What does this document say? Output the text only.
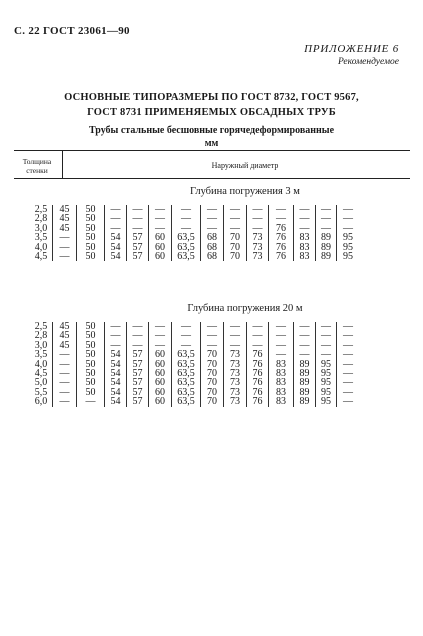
С. 22 ГОСТ 23061—90
ПРИЛОЖЕНИЕ 6
Рекомендуемое
ОСНОВНЫЕ ТИПОРАЗМЕРЫ ПО ГОСТ 8732, ГОСТ 9567,
ГОСТ 8731 ПРИМЕНЯЕМЫХ ОБСАДНЫХ ТРУБ
Трубы стальные бесшовные горячедеформированные
мм
Толщина стенки
Наружный диаметр
Глубина погружения 3 м
2,5	45	50	—	—	—	—	—	—	—	—	—	—	—
2,8	45	50	—	—	—	—	—	—	—	—	—	—	—
3,0	45	50	—	—	—	—	—	—	—	76	—	—	—
3,5	—	50	54	57	60	63,5	68	70	73	76	83	89	95
4,0	—	50	54	57	60	63,5	68	70	73	76	83	89	95
4,5	—	50	54	57	60	63,5	68	70	73	76	83	89	95
Глубина погружения 20 м
2,5	45	50	—	—	—	—	—	—	—	—	—	—	—
2,8	45	50	—	—	—	—	—	—	—	—	—	—	—
3,0	45	50	—	—	—	—	—	—	—	—	—	—	—
3,5	—	50	54	57	60	63,5	70	73	76	—	—	—	—
4,0	—	50	54	57	60	63,5	70	73	76	83	89	95	—
4,5	—	50	54	57	60	63,5	70	73	76	83	89	95	—
5,0	—	50	54	57	60	63,5	70	73	76	83	89	95	—
5,5	—	50	54	57	60	63,5	70	73	76	83	89	95	—
6,0	—	—	54	57	60	63,5	70	73	76	83	89	95	—
